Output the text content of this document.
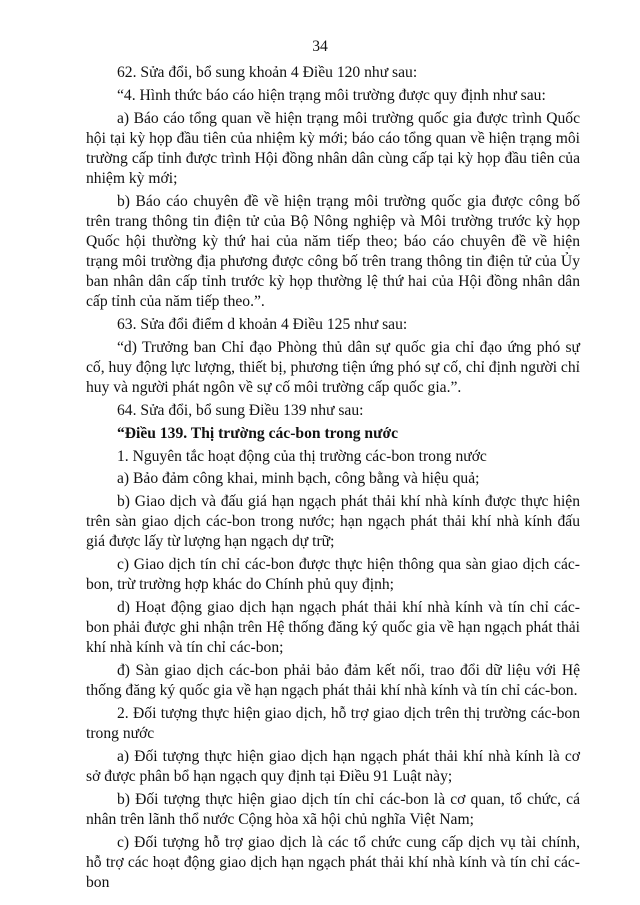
34

62. Sửa đổi, bổ sung khoản 4 Điều 120 như sau:

“4. Hình thức báo cáo hiện trạng môi trường được quy định như sau:

a) Báo cáo tổng quan về hiện trạng môi trường quốc gia được trình Quốc hội tại kỳ họp đầu tiên của nhiệm kỳ mới; báo cáo tổng quan về hiện trạng môi trường cấp tỉnh được trình Hội đồng nhân dân cùng cấp tại kỳ họp đầu tiên của nhiệm kỳ mới;

b) Báo cáo chuyên đề về hiện trạng môi trường quốc gia được công bố trên trang thông tin điện tử của Bộ Nông nghiệp và Môi trường trước kỳ họp Quốc hội thường kỳ thứ hai của năm tiếp theo; báo cáo chuyên đề về hiện trạng môi trường địa phương được công bố trên trang thông tin điện tử của Ủy ban nhân dân cấp tỉnh trước kỳ họp thường lệ thứ hai của Hội đồng nhân dân cấp tỉnh của năm tiếp theo.”.

63. Sửa đổi điểm d khoản 4 Điều 125 như sau:

“d) Trưởng ban Chỉ đạo Phòng thủ dân sự quốc gia chỉ đạo ứng phó sự cố, huy động lực lượng, thiết bị, phương tiện ứng phó sự cố, chỉ định người chỉ huy và người phát ngôn về sự cố môi trường cấp quốc gia.”.

64. Sửa đổi, bổ sung Điều 139 như sau:

“Điều 139. Thị trường các-bon trong nước

1. Nguyên tắc hoạt động của thị trường các-bon trong nước

a) Bảo đảm công khai, minh bạch, công bằng và hiệu quả;

b) Giao dịch và đấu giá hạn ngạch phát thải khí nhà kính được thực hiện trên sàn giao dịch các-bon trong nước; hạn ngạch phát thải khí nhà kính đấu giá được lấy từ lượng hạn ngạch dự trữ;

c) Giao dịch tín chỉ các-bon được thực hiện thông qua sàn giao dịch các-bon, trừ trường hợp khác do Chính phủ quy định;

d) Hoạt động giao dịch hạn ngạch phát thải khí nhà kính và tín chỉ các-bon phải được ghi nhận trên Hệ thống đăng ký quốc gia về hạn ngạch phát thải khí nhà kính và tín chỉ các-bon;

đ) Sàn giao dịch các-bon phải bảo đảm kết nối, trao đổi dữ liệu với Hệ thống đăng ký quốc gia về hạn ngạch phát thải khí nhà kính và tín chỉ các-bon.

2. Đối tượng thực hiện giao dịch, hỗ trợ giao dịch trên thị trường các-bon trong nước

a) Đối tượng thực hiện giao dịch hạn ngạch phát thải khí nhà kính là cơ sở được phân bổ hạn ngạch quy định tại Điều 91 Luật này;

b) Đối tượng thực hiện giao dịch tín chỉ các-bon là cơ quan, tổ chức, cá nhân trên lãnh thổ nước Cộng hòa xã hội chủ nghĩa Việt Nam;

c) Đối tượng hỗ trợ giao dịch là các tổ chức cung cấp dịch vụ tài chính, hỗ trợ các hoạt động giao dịch hạn ngạch phát thải khí nhà kính và tín chỉ các-bon
